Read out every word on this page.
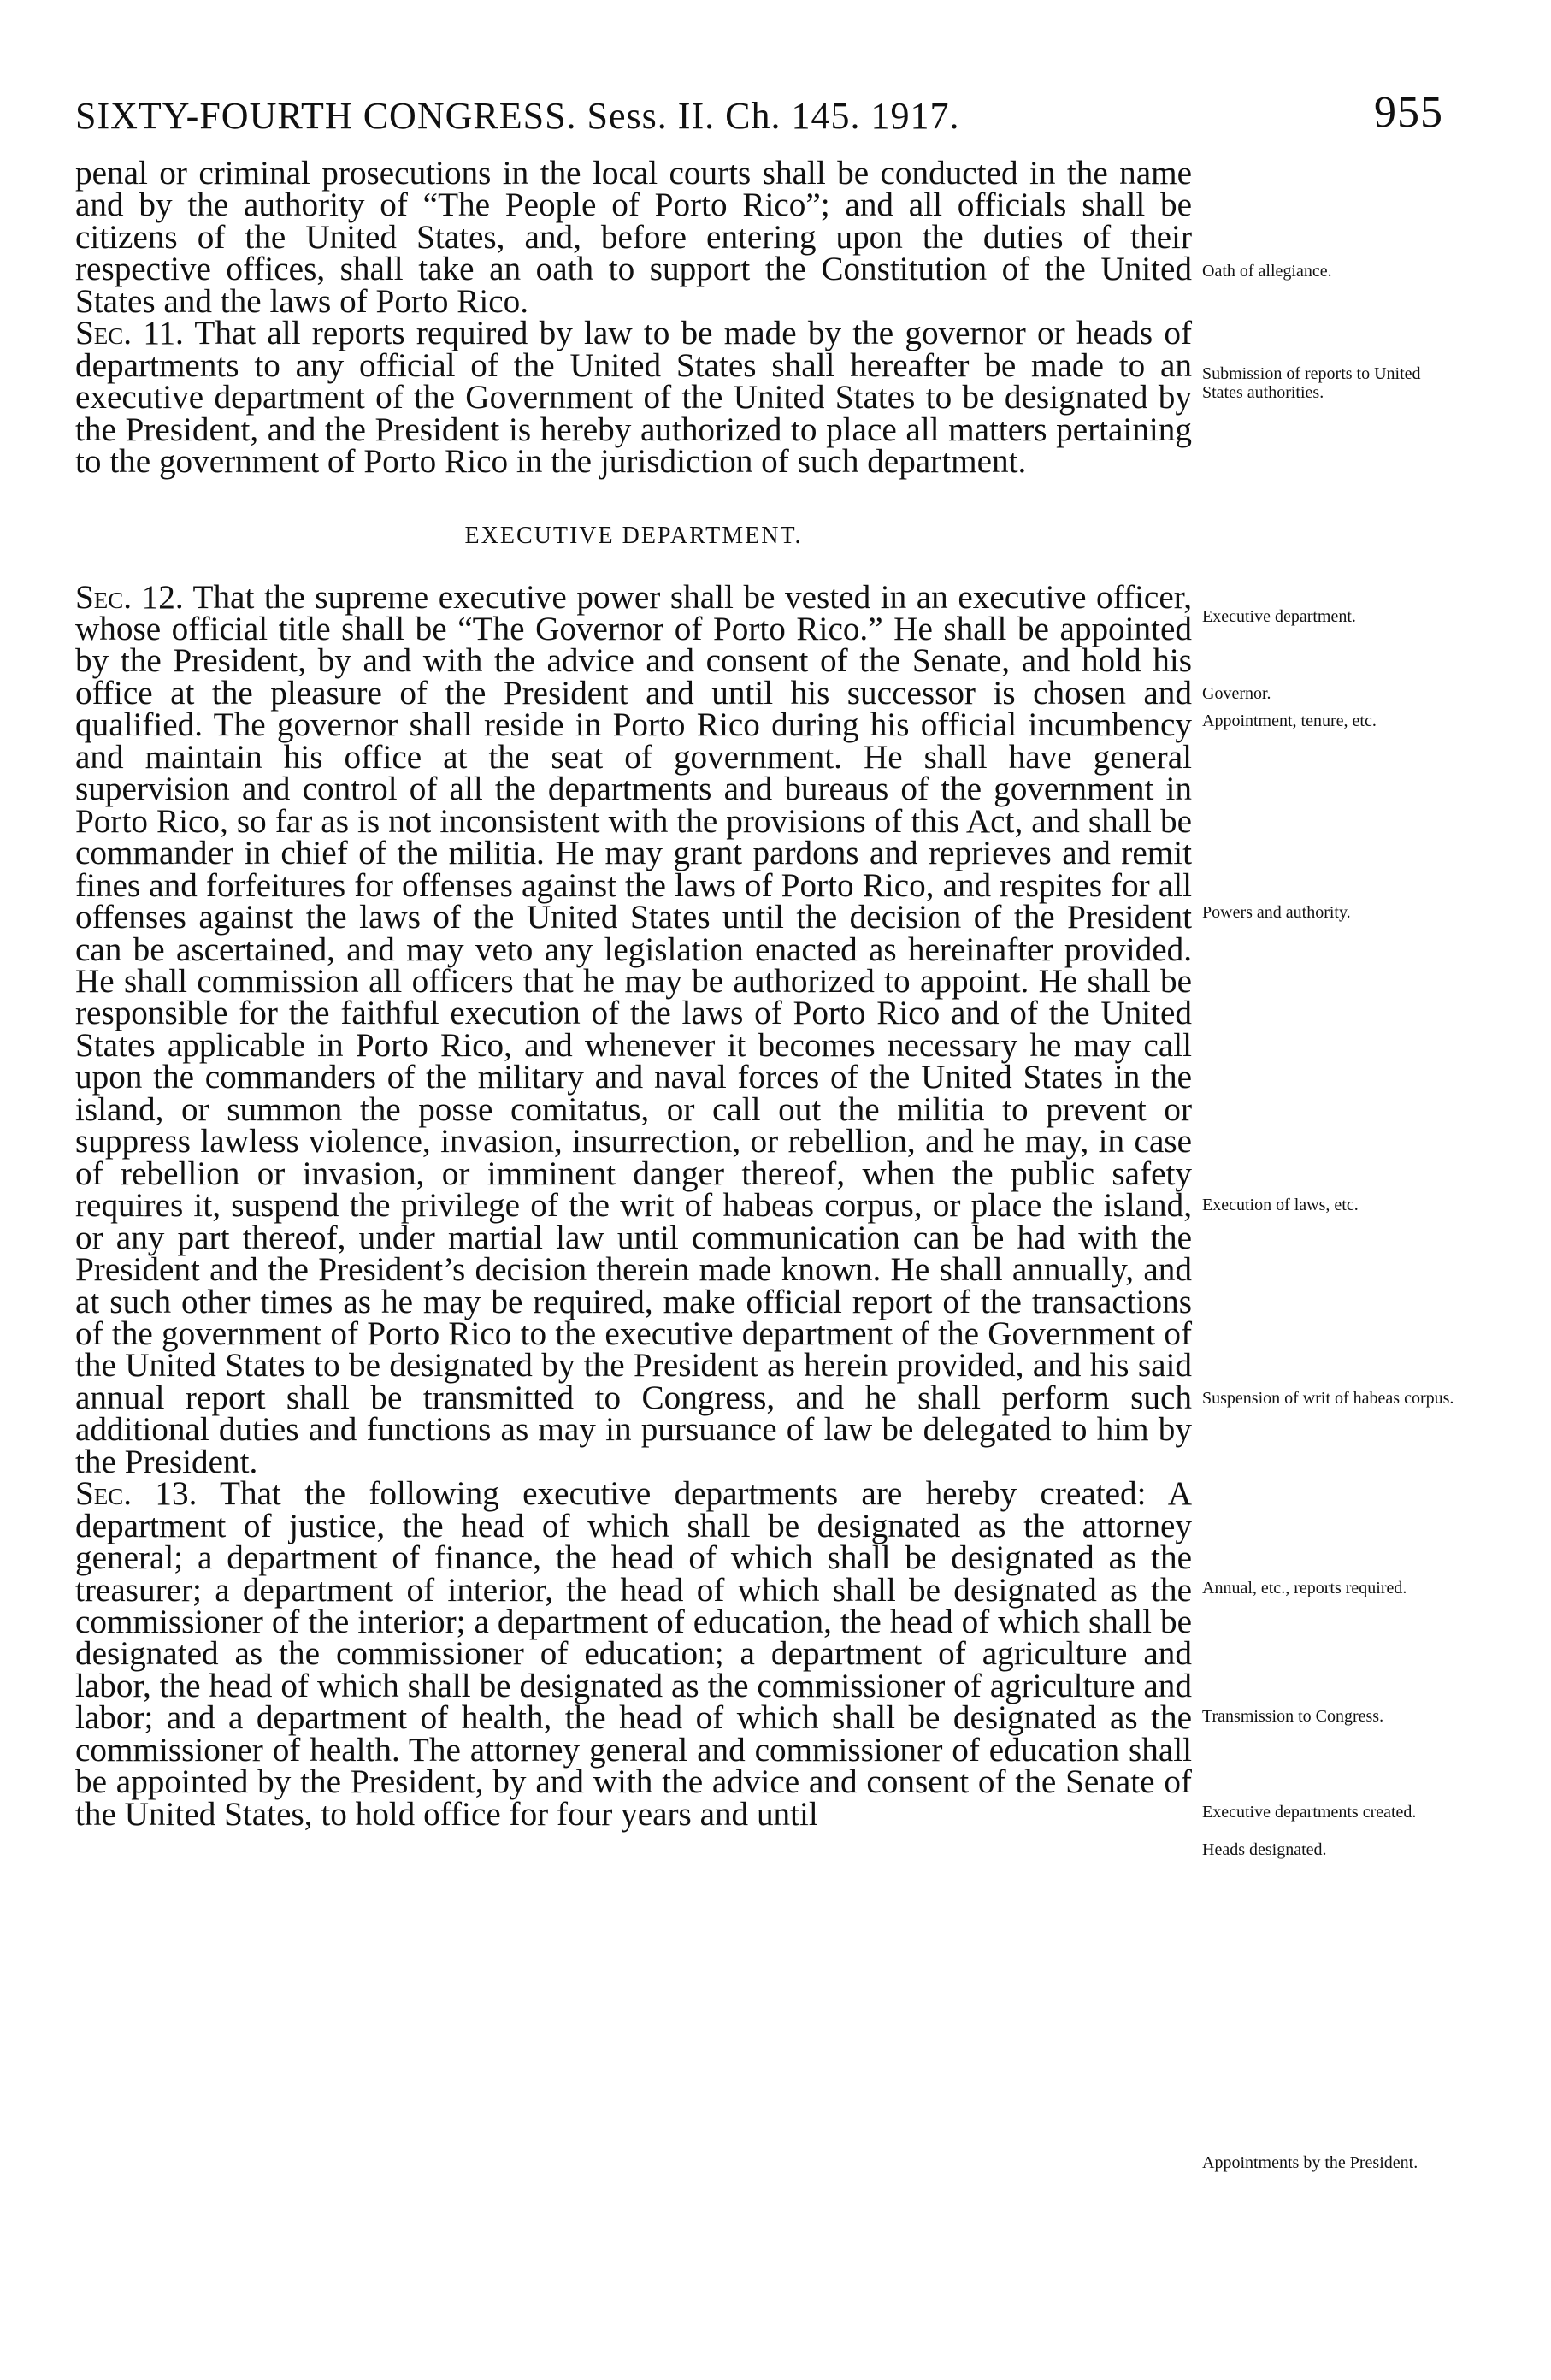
SIXTY-FOURTH CONGRESS. Sess. II. Ch. 145. 1917.	955

penal or criminal prosecutions in the local courts shall be conducted in the name and by the authority of “The People of Porto Rico”; and all officials shall be citizens of the United States, and, before entering upon the duties of their respective offices, shall take an oath to support the Constitution of the United States and the laws of Porto Rico.

Sec. 11. That all reports required by law to be made by the governor or heads of departments to any official of the United States shall hereafter be made to an executive department of the Government of the United States to be designated by the President, and the President is hereby authorized to place all matters pertaining to the government of Porto Rico in the jurisdiction of such department.

EXECUTIVE DEPARTMENT.

Sec. 12. That the supreme executive power shall be vested in an executive officer, whose official title shall be “The Governor of Porto Rico.” He shall be appointed by the President, by and with the advice and consent of the Senate, and hold his office at the pleasure of the President and until his successor is chosen and qualified. The governor shall reside in Porto Rico during his official incumbency and maintain his office at the seat of government. He shall have general supervision and control of all the departments and bureaus of the government in Porto Rico, so far as is not inconsistent with the provisions of this Act, and shall be commander in chief of the militia. He may grant pardons and reprieves and remit fines and forfeitures for offenses against the laws of Porto Rico, and respites for all offenses against the laws of the United States until the decision of the President can be ascertained, and may veto any legislation enacted as hereinafter provided. He shall commission all officers that he may be authorized to appoint. He shall be responsible for the faithful execution of the laws of Porto Rico and of the United States applicable in Porto Rico, and whenever it becomes necessary he may call upon the commanders of the military and naval forces of the United States in the island, or summon the posse comitatus, or call out the militia to prevent or suppress lawless violence, invasion, insurrection, or rebellion, and he may, in case of rebellion or invasion, or imminent danger thereof, when the public safety requires it, suspend the privilege of the writ of habeas corpus, or place the island, or any part thereof, under martial law until communication can be had with the President and the President’s decision therein made known. He shall annually, and at such other times as he may be required, make official report of the transactions of the government of Porto Rico to the executive department of the Government of the United States to be designated by the President as herein provided, and his said annual report shall be transmitted to Congress, and he shall perform such additional duties and functions as may in pursuance of law be delegated to him by the President.

Sec. 13. That the following executive departments are hereby created: A department of justice, the head of which shall be designated as the attorney general; a department of finance, the head of which shall be designated as the treasurer; a department of interior, the head of which shall be designated as the commissioner of the interior; a department of education, the head of which shall be designated as the commissioner of education; a department of agriculture and labor, the head of which shall be designated as the commissioner of agriculture and labor; and a department of health, the head of which shall be designated as the commissioner of health. The attorney general and commissioner of education shall be appointed by the President, by and with the advice and consent of the Senate of the United States, to hold office for four years and until

Oath of allegiance.
Submission of reports to United States authorities.
Executive department.
Governor.
Appointment, tenure, etc.
Powers and authority.
Execution of laws, etc.
Suspension of writ of habeas corpus.
Annual, etc., reports required.
Transmission to Congress.
Executive departments created.
Heads designated.
Appointments by the President.
